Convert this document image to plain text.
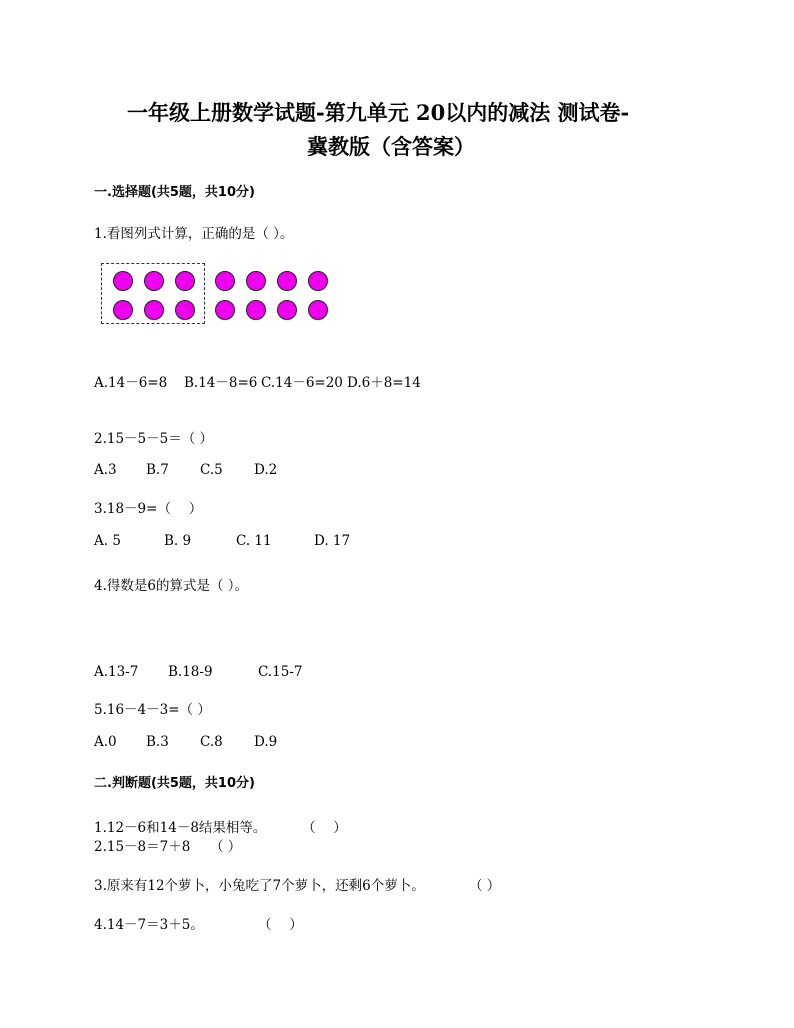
一年级上册数学试题-第九单元 20以内的减法 测试卷-
冀教版（含答案）
一.选择题(共5题，共10分)
1.看图列式计算，正确的是（ ）。
A.14－6=8 B.14－8=6 C.14－6=20 D.6＋8=14
2.15－5－5＝（ ）
A.3 B.7 C.5 D.2
3.18－9=（　 ）
A. 5	B. 9	C. 11	D. 17
4.得数是6的算式是（ ）。
A.13-7 B.18-9	C.15-7
5.16－4－3=（ ）
A.0 B.3 C.8 D.9
二.判断题(共5题，共10分)
1.12－6和14－8结果相等。	（　 ）
2.15－8＝7＋8 （ ）
3.原来有12个萝卜，小兔吃了7个萝卜，还剩6个萝卜。	（ ）
4.14－7＝3＋5。	（　 ）
